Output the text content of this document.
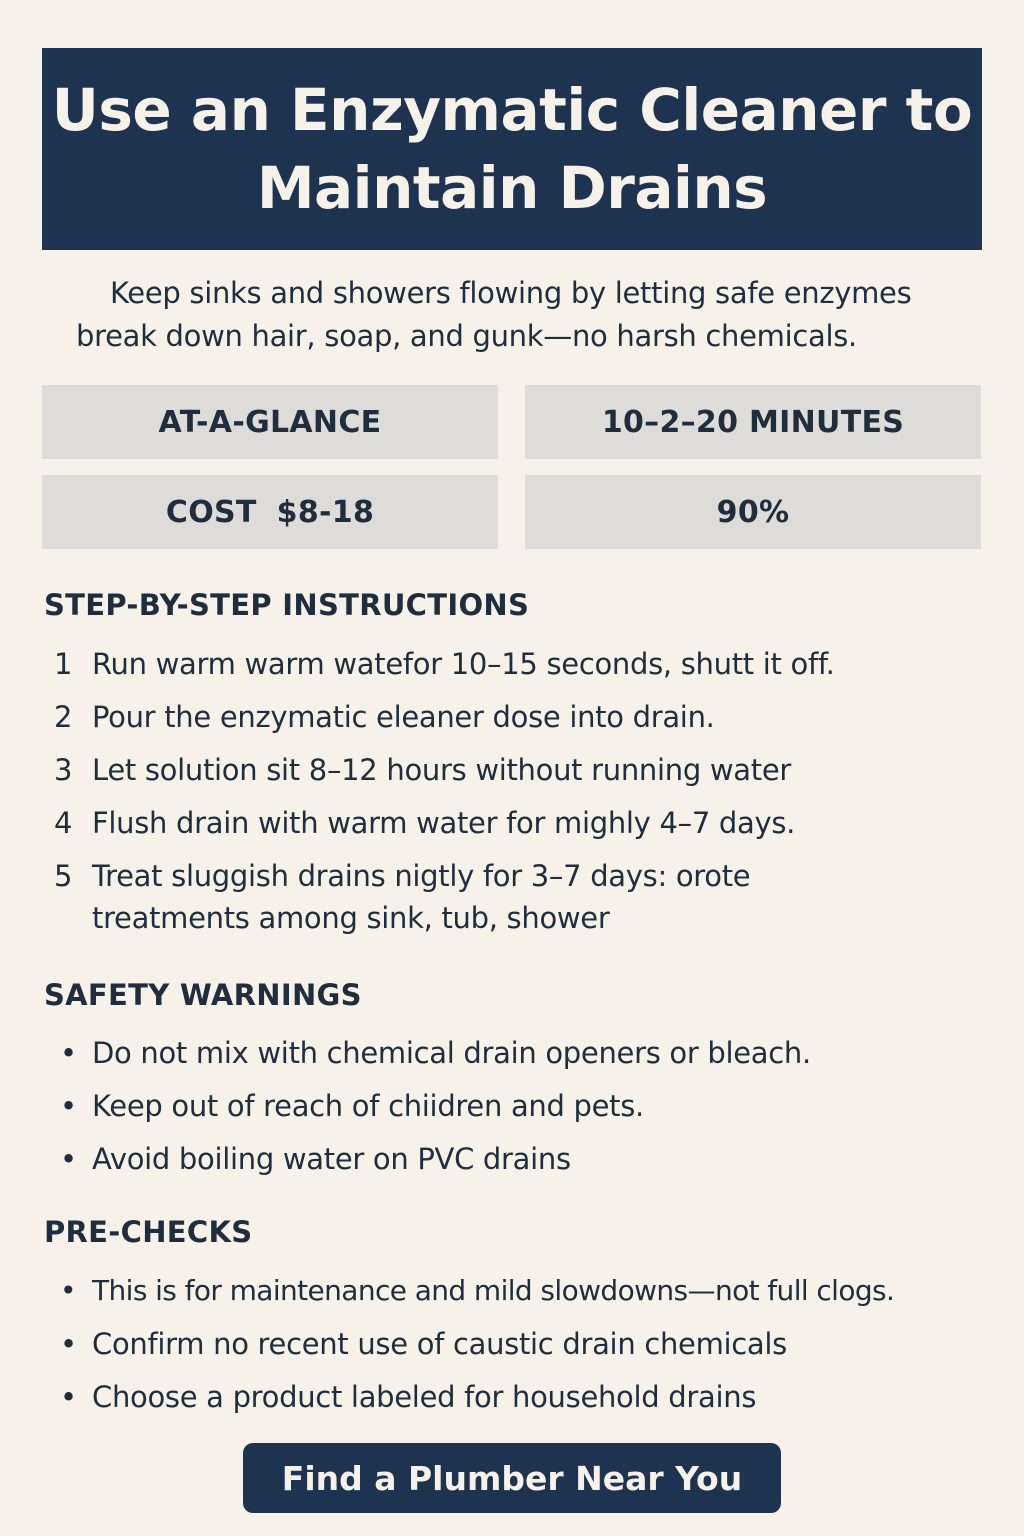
Use an Enzymatic Cleaner to Maintain Drains
Keep sinks and showers flowing by letting safe enzymes break down hair, soap, and gunk—no harsh chemicals.
AT-A-GLANCE	10–2–20 MINUTES
COST $8-18	90%
STEP-BY-STEP INSTRUCTIONS
1 Run warm warm watefor 10–15 seconds, shutt it off.
2 Pour the enzymatic eleaner dose into drain.
3 Let solution sit 8–12 hours without running water
4 Flush drain with warm water for mighly 4–7 days.
5 Treat sluggish drains nigtly for 3–7 days: orote treatments among sink, tub, shower
SAFETY WARNINGS
• Do not mix with chemical drain openers or bleach.
• Keep out of reach of chiidren and pets.
• Avoid boiling water on PVC drains
PRE-CHECKS
• This is for maintenance and mild slowdowns—not full clogs.
• Confirm no recent use of caustic drain chemicals
• Choose a product labeled for household drains
Find a Plumber Near You
